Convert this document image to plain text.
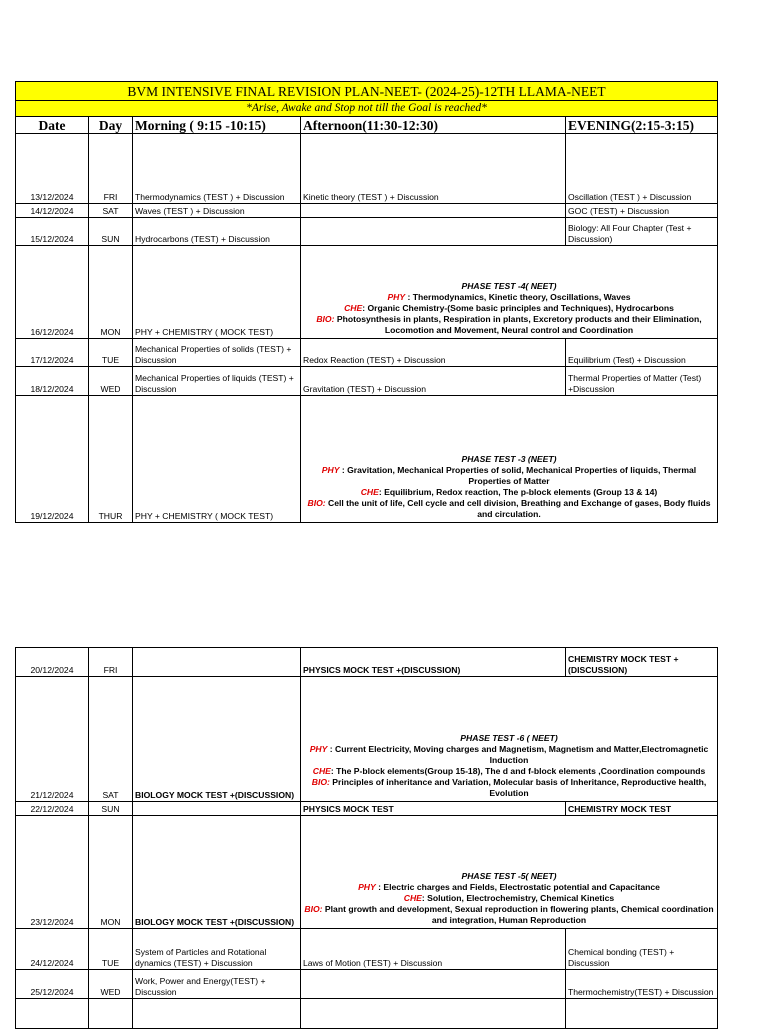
BVM INTENSIVE FINAL REVISION PLAN-NEET- (2024-25)-12TH LLAMA-NEET				
*Arise, Awake and Stop not till the Goal is reached*				
Date	Day	Morning ( 9:15 -10:15)	Afternoon(11:30-12:30)	EVENING(2:15-3:15)
13/12/2024	FRI	Thermodynamics (TEST ) + Discussion	Kinetic theory (TEST ) + Discussion	Oscillation (TEST ) + Discussion
14/12/2024	SAT	Waves (TEST ) + Discussion		GOC (TEST) + Discussion
15/12/2024	SUN	Hydrocarbons (TEST) + Discussion		Biology: All Four Chapter (Test + Discussion)
16/12/2024	MON	PHY + CHEMISTRY ( MOCK TEST)	PHASE TEST -4( NEET)
PHY : Thermodynamics, Kinetic theory, Oscillations, Waves
CHE: Organic Chemistry-(Some basic principles and Techniques), Hydrocarbons
BIO: Photosynthesis in plants, Respiration in plants, Excretory products and their Elimination, Locomotion and Movement, Neural control and Coordination	

17/12/2024	TUE	Mechanical Properties of solids (TEST) + Discussion	Redox Reaction (TEST) + Discussion	Equilibrium (Test) + Discussion
18/12/2024	WED	Mechanical Properties of liquids (TEST) + Discussion	Gravitation (TEST) + Discussion	Thermal Properties of Matter (Test) +Discussion
19/12/2024	THUR	PHY + CHEMISTRY ( MOCK TEST)	PHASE TEST -3 (NEET)
PHY : Gravitation, Mechanical Properties of solid, Mechanical Properties of liquids, Thermal Properties of Matter
CHE: Equilibrium, Redox reaction, The p-block elements (Group 13 & 14)
BIO: Cell the unit of life, Cell cycle and cell division, Breathing and Exchange of gases, Body fluids and circulation.	
20/12/2024	FRI		PHYSICS MOCK TEST +(DISCUSSION)	CHEMISTRY MOCK TEST +(DISCUSSION)
21/12/2024	SAT	BIOLOGY MOCK TEST +(DISCUSSION)	PHASE TEST -6 ( NEET)
PHY : Current Electricity, Moving charges and Magnetism, Magnetism and Matter,Electromagnetic Induction
CHE: The P-block elements(Group 15-18), The d and f-block elements ,Coordination compounds
BIO: Principles of inheritance and Variation, Molecular basis of Inheritance, Reproductive health, Evolution	

22/12/2024	SUN		PHYSICS MOCK TEST	CHEMISTRY MOCK TEST
23/12/2024	MON	BIOLOGY MOCK TEST +(DISCUSSION)	PHASE TEST -5( NEET)
PHY : Electric charges and Fields, Electrostatic potential and Capacitance
CHE: Solution, Electrochemistry, Chemical Kinetics
BIO: Plant growth and development, Sexual reproduction in flowering plants, Chemical coordination and integration, Human Reproduction	

24/12/2024	TUE	System of Particles and Rotational dynamics (TEST) + Discussion	Laws of Motion (TEST) + Discussion	Chemical bonding (TEST) + Discussion
25/12/2024	WED	Work, Power and Energy(TEST) + Discussion		Thermochemistry(TEST) + Discussion
